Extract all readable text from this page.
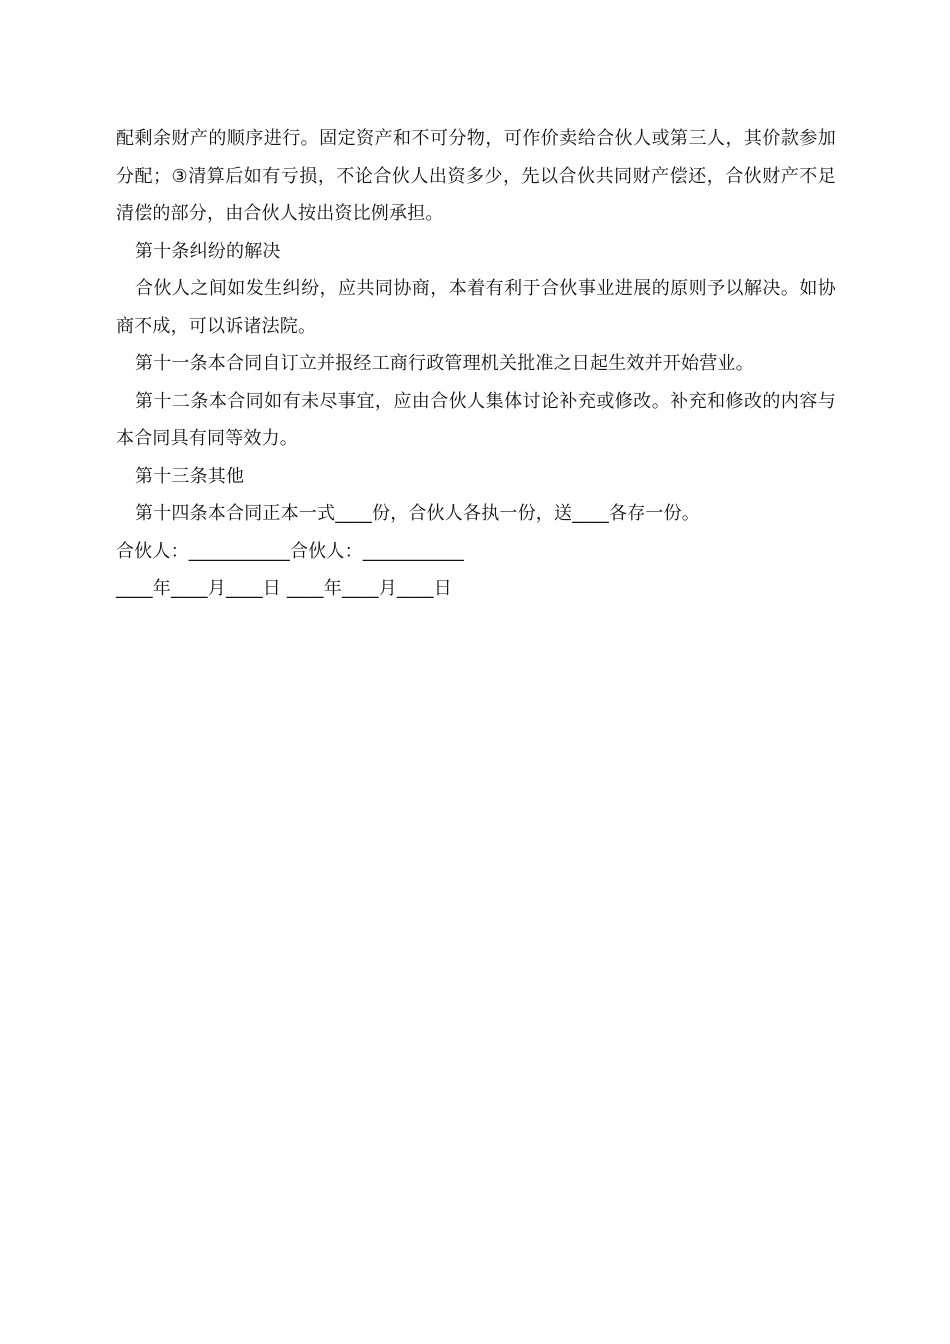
配剩余财产的顺序进行。固定资产和不可分物，可作价卖给合伙人或第三人，其价款参加分配；③清算后如有亏损，不论合伙人出资多少，先以合伙共同财产偿还，合伙财产不足清偿的部分，由合伙人按出资比例承担。

第十条纠纷的解决

合伙人之间如发生纠纷，应共同协商，本着有利于合伙事业进展的原则予以解决。如协商不成，可以诉诸法院。

第十一条本合同自订立并报经工商行政管理机关批准之日起生效并开始营业。

第十二条本合同如有未尽事宜，应由合伙人集体讨论补充或修改。补充和修改的内容与本合同具有同等效力。

第十三条其他

第十四条本合同正本一式____份，合伙人各执一份，送____各存一份。

合伙人：___________合伙人：___________

____年____月____日 ____年____月____日
